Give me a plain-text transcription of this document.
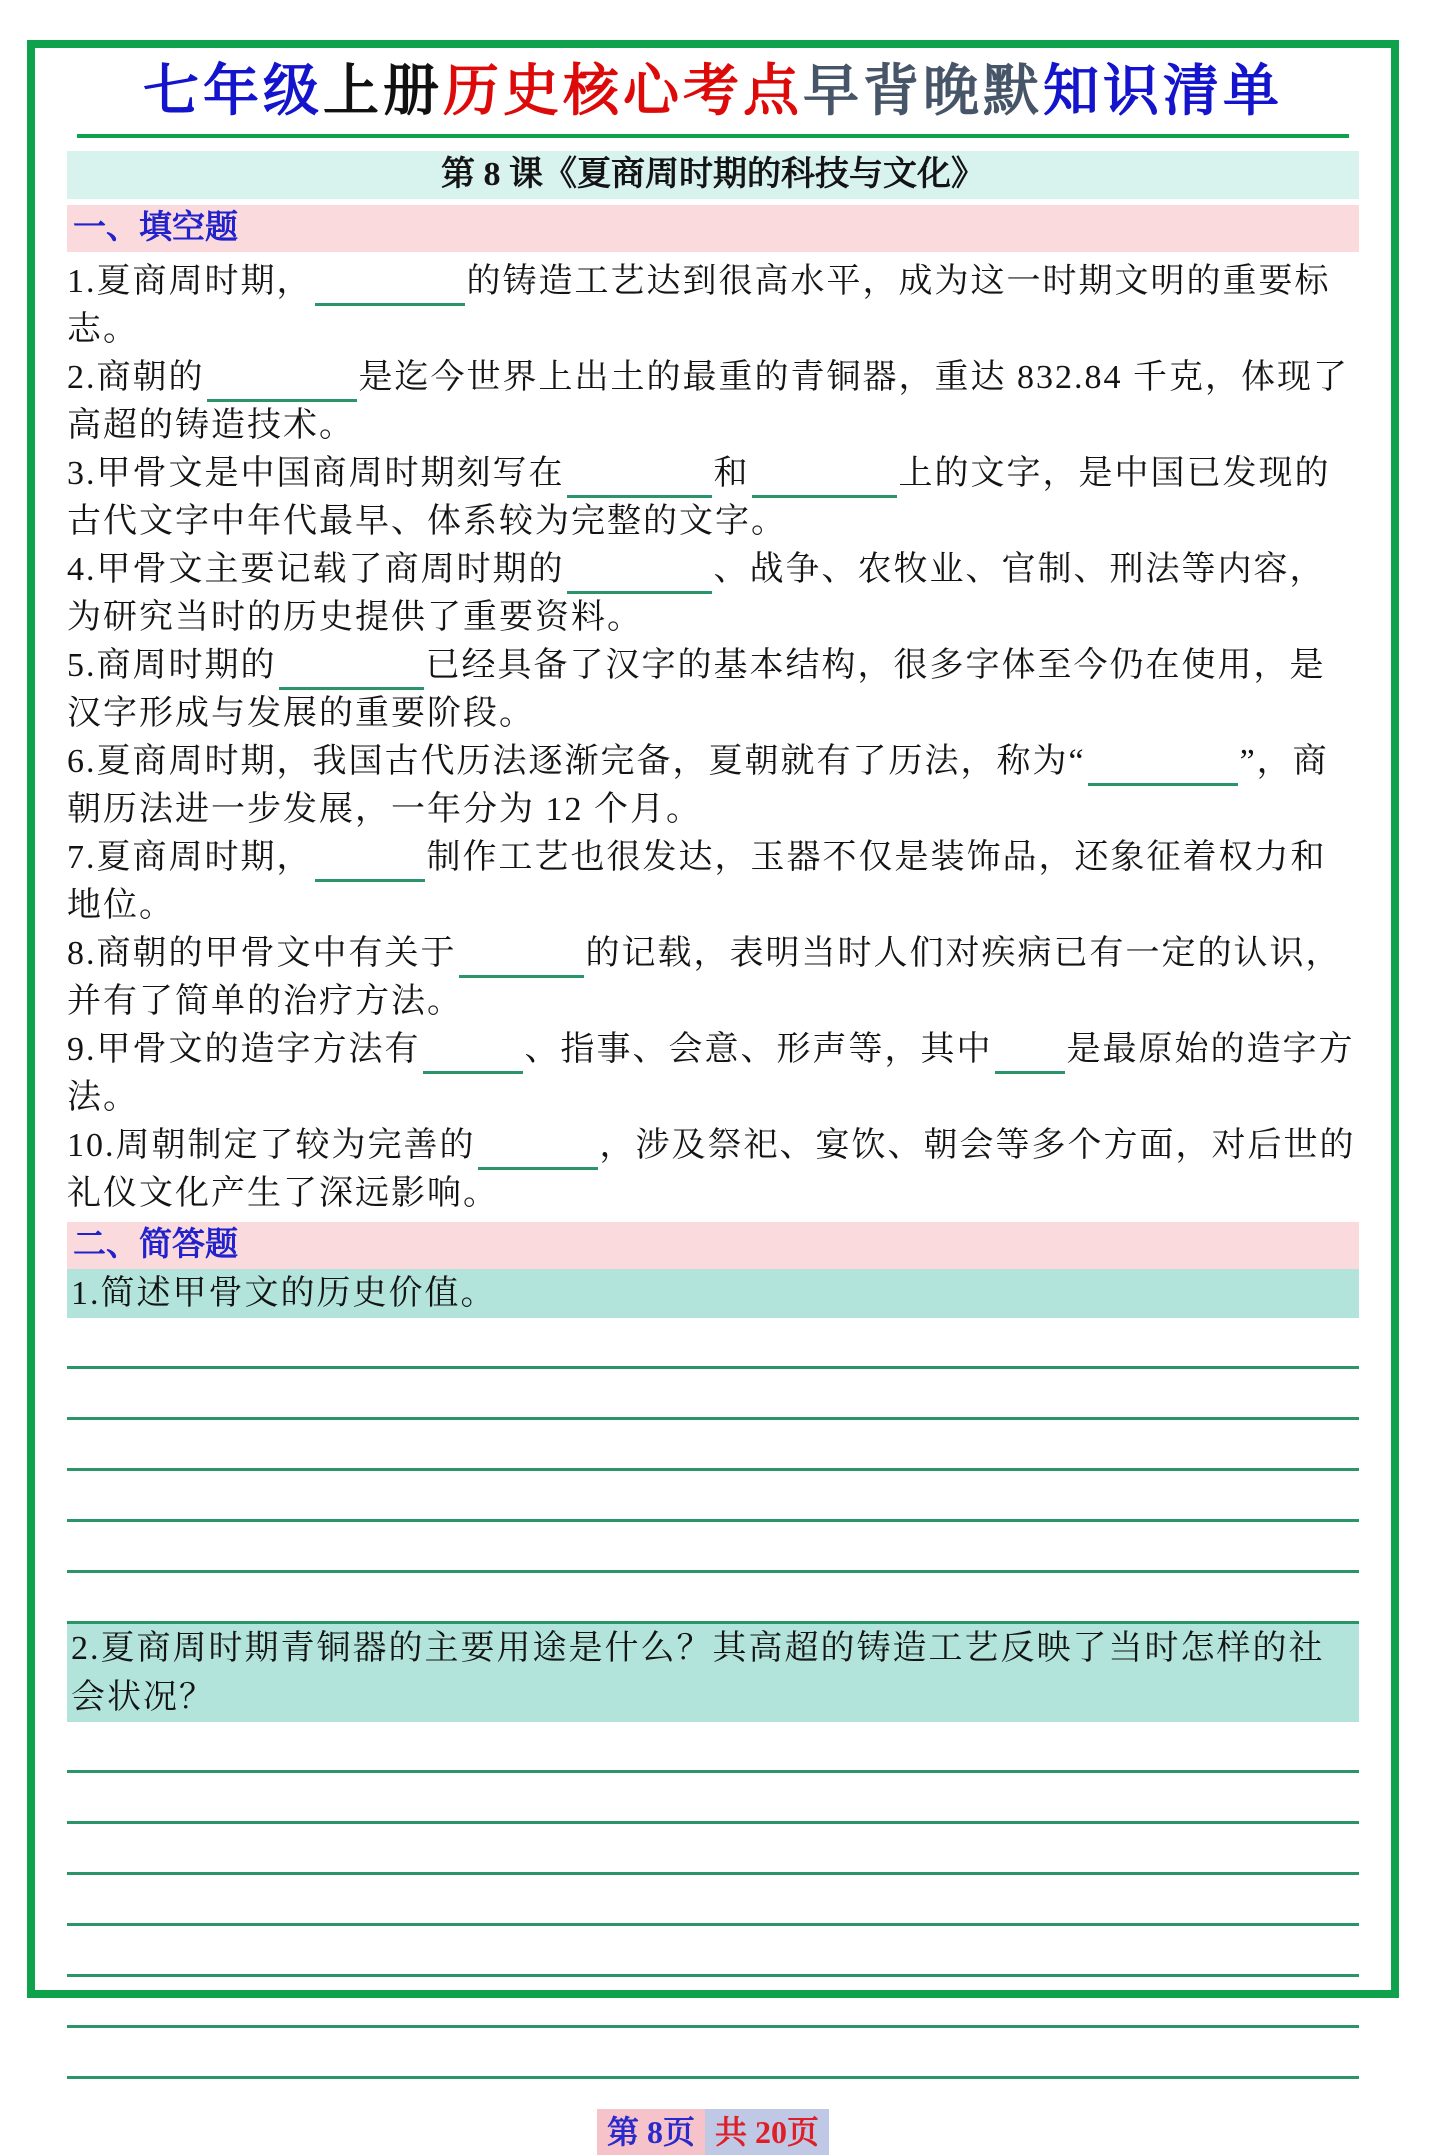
七年级上册历史核心考点早背晚默知识清单
第 8 课《夏商周时期的科技与文化》
一、填空题

1.夏商周时期，	的铸造工艺达到很高水平，成为这一时期文明的重要标志。

2.商朝的	是迄今世界上出土的最重的青铜器，重达 832.84 千克，体现了高超的铸造技术。

3.甲骨文是中国商周时期刻写在	和	上的文字，是中国已发现的古代文字中年代最早、体系较为完整的文字。

4.甲骨文主要记载了商周时期的	、战争、农牧业、官制、刑法等内容，为研究当时的历史提供了重要资料。

5.商周时期的	已经具备了汉字的基本结构，很多字体至今仍在使用，是汉字形成与发展的重要阶段。

6.夏商周时期，我国古代历法逐渐完备，夏朝就有了历法，称为“	”，商朝历法进一步发展，一年分为 12 个月。

7.夏商周时期，	制作工艺也很发达，玉器不仅是装饰品，还象征着权力和地位。

8.商朝的甲骨文中有关于	的记载，表明当时人们对疾病已有一定的认识，并有了简单的治疗方法。

9.甲骨文的造字方法有	、指事、会意、形声等，其中 是最原始的造字方法。

10.周朝制定了较为完善的	，涉及祭祀、宴饮、朝会等多个方面，对后世的礼仪文化产生了深远影响。

二、简答题
1.简述甲骨文的历史价值。
2.夏商周时期青铜器的主要用途是什么？其高超的铸造工艺反映了当时怎样的社会状况？
第 8页 共 20页
